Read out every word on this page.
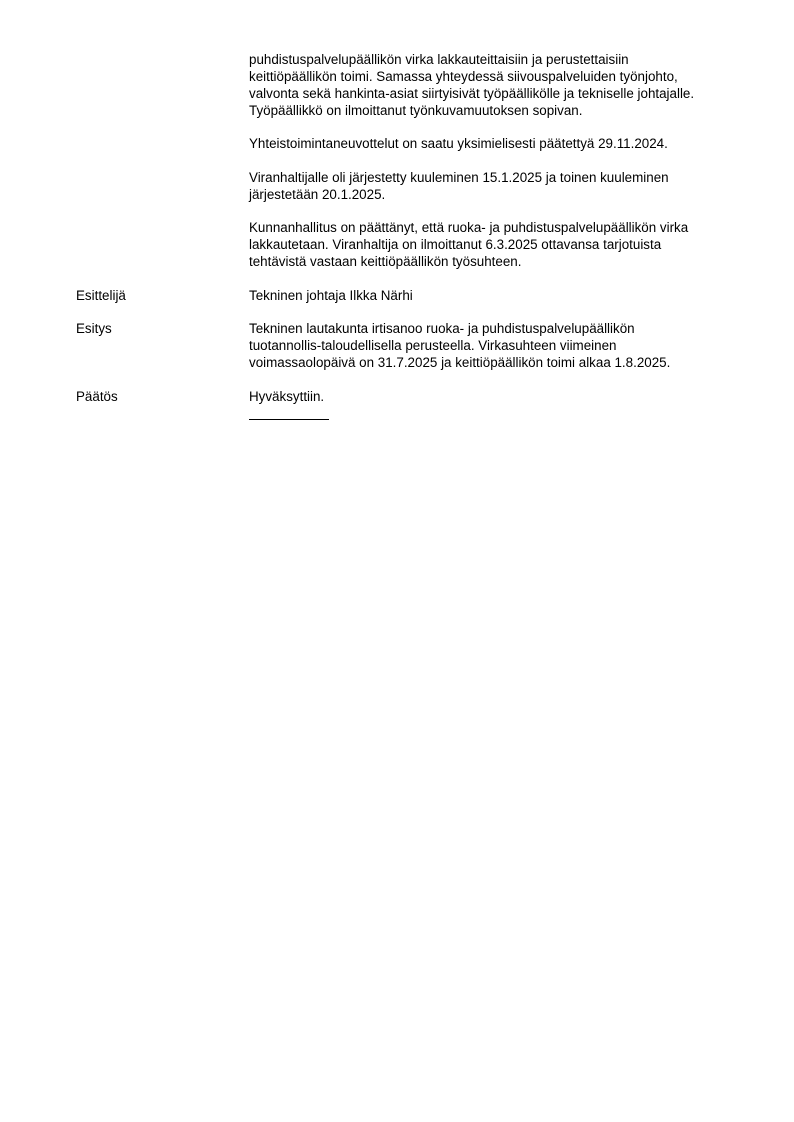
puhdistuspalvelupäällikön virka lakkauteittaisiin ja perustettaisiin

keittiöpäällikön toimi. Samassa yhteydessä siivouspalveluiden työnjohto,

valvonta sekä hankinta-asiat siirtyisivät työpäällikölle ja tekniselle johtajalle.

Työpäällikkö on ilmoittanut työnkuvamuutoksen sopivan.

Yhteistoimintaneuvottelut on saatu yksimielisesti päätettyä 29.11.2024.

Viranhaltijalle oli järjestetty kuuleminen 15.1.2025 ja toinen kuuleminen

järjestetään 20.1.2025.

Kunnanhallitus on päättänyt, että ruoka- ja puhdistuspalvelupäällikön virka

lakkautetaan. Viranhaltija on ilmoittanut 6.3.2025 ottavansa tarjotuista

tehtävistä vastaan keittiöpäällikön työsuhteen.

Esittelijä	Tekninen johtaja Ilkka Närhi

Esitys	Tekninen lautakunta irtisanoo ruoka- ja puhdistuspalvelupäällikön

tuotannollis-taloudellisella perusteella. Virkasuhteen viimeinen

voimassaolopäivä on 31.7.2025 ja keittiöpäällikön toimi alkaa 1.8.2025.

Päätös	Hyväksyttiin.
